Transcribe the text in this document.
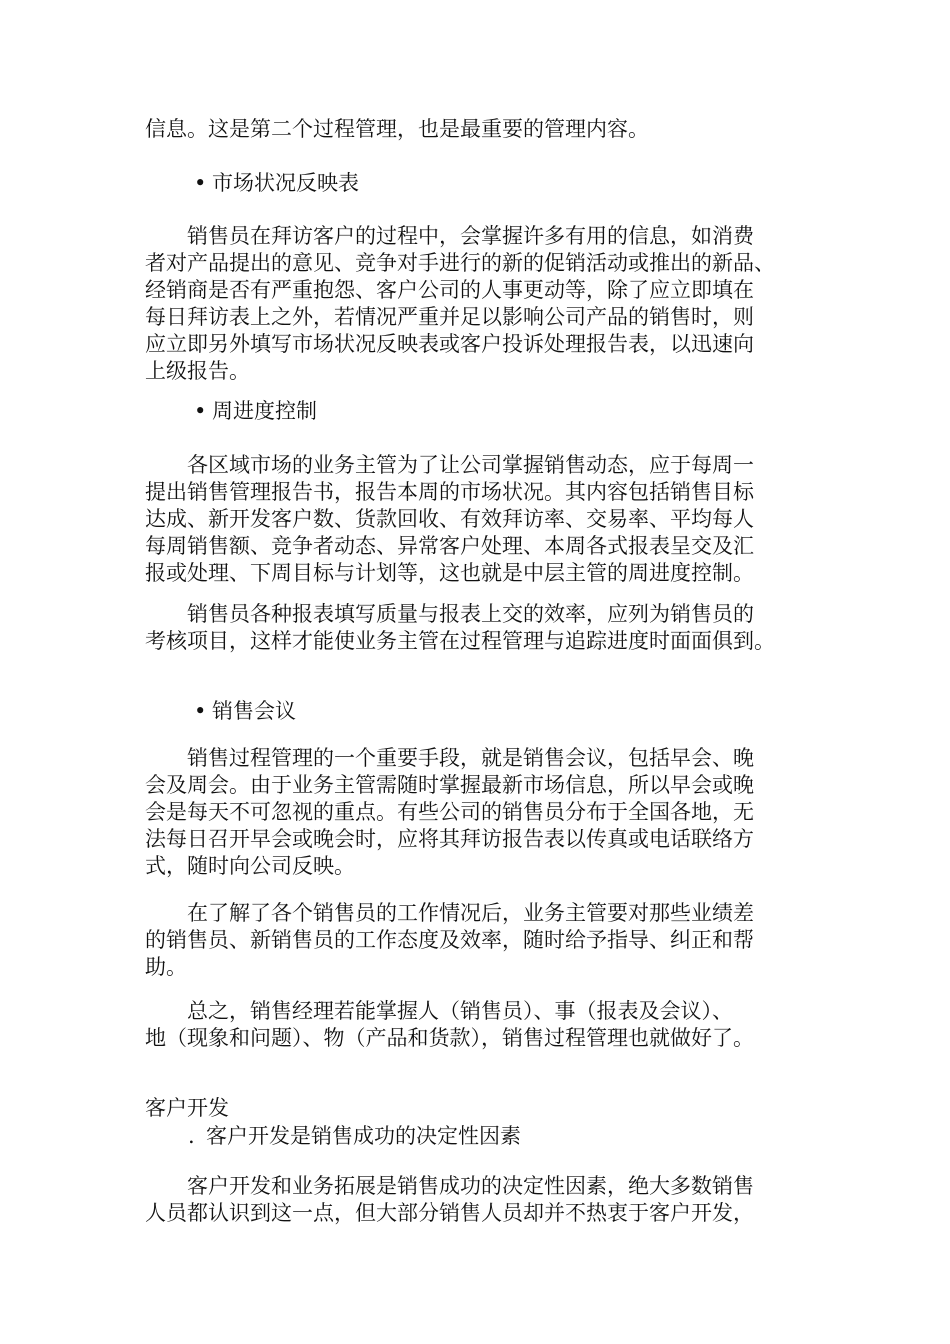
信息。这是第二个过程管理，也是最重要的管理内容。
• 市场状况反映表
　　销售员在拜访客户的过程中，会掌握许多有用的信息，如消费
者对产品提出的意见、竞争对手进行的新的促销活动或推出的新品、
经销商是否有严重抱怨、客户公司的人事更动等，除了应立即填在
每日拜访表上之外，若情况严重并足以影响公司产品的销售时，则
应立即另外填写市场状况反映表或客户投诉处理报告表，以迅速向
上级报告。
• 周进度控制
　　各区域市场的业务主管为了让公司掌握销售动态，应于每周一
提出销售管理报告书，报告本周的市场状况。其内容包括销售目标
达成、新开发客户数、货款回收、有效拜访率、交易率、平均每人
每周销售额、竞争者动态、异常客户处理、本周各式报表呈交及汇
报或处理、下周目标与计划等，这也就是中层主管的周进度控制。
　　销售员各种报表填写质量与报表上交的效率，应列为销售员的
考核项目，这样才能使业务主管在过程管理与追踪进度时面面俱到。
• 销售会议
　　销售过程管理的一个重要手段，就是销售会议，包括早会、晚
会及周会。由于业务主管需随时掌握最新市场信息，所以早会或晚
会是每天不可忽视的重点。有些公司的销售员分布于全国各地，无
法每日召开早会或晚会时，应将其拜访报告表以传真或电话联络方
式，随时向公司反映。
　　在了解了各个销售员的工作情况后，业务主管要对那些业绩差
的销售员、新销售员的工作态度及效率，随时给予指导、纠正和帮
助。
　　总之，销售经理若能掌握人（销售员）、事（报表及会议）、
地（现象和问题）、物（产品和货款），销售过程管理也就做好了。
客户开发
. 客户开发是销售成功的决定性因素
　　客户开发和业务拓展是销售成功的决定性因素，绝大多数销售
人员都认识到这一点，但大部分销售人员却并不热衷于客户开发，
